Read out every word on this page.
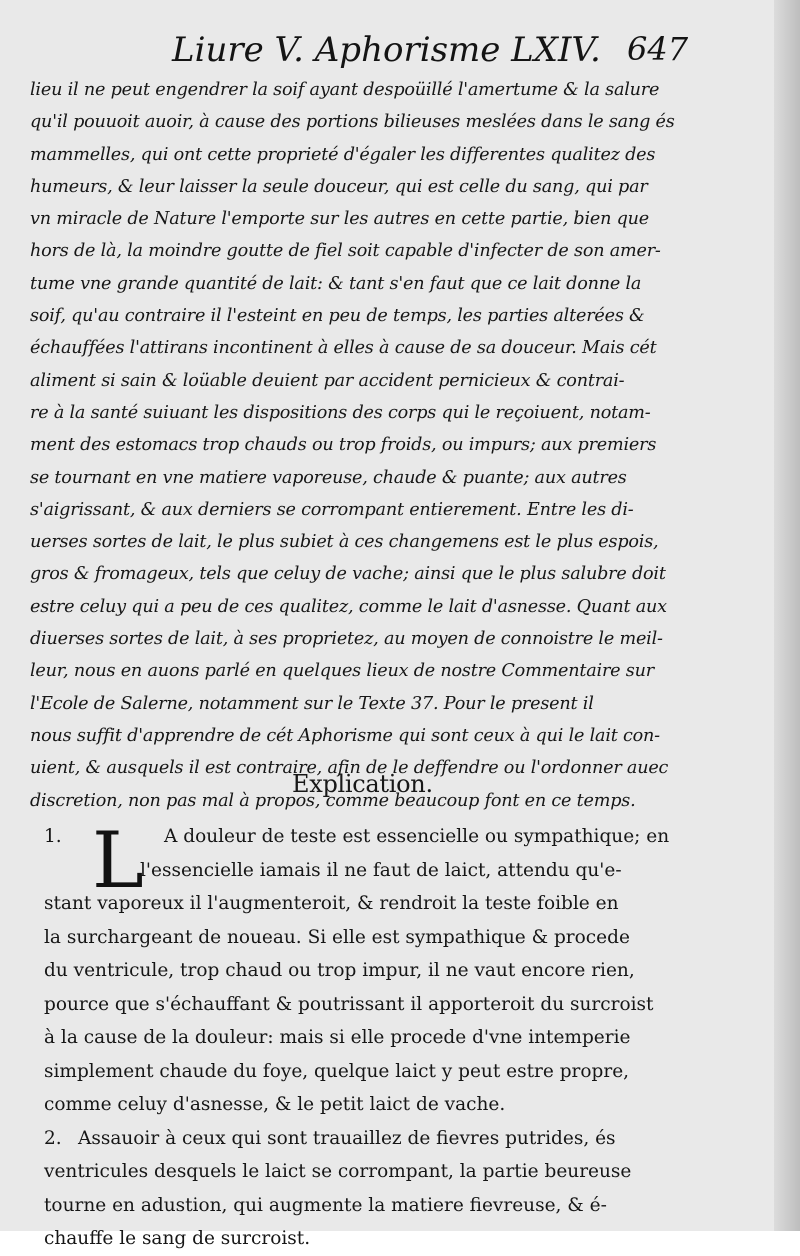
Liure V. Aphorisme LXIV. 647
lieu il ne peut engendrer la soif ayant despoüillé l'amertume & la salure
qu'il pouuoit auoir, à cause des portions bilieuses meslées dans le sang és
mammelles, qui ont cette proprieté d'égaler les differentes qualitez des
humeurs, & leur laisser la seule douceur, qui est celle du sang, qui par
vn miracle de Nature l'emporte sur les autres en cette partie, bien que
hors de là, la moindre goutte de fiel soit capable d'infecter de son amer-
tume vne grande quantité de lait: & tant s'en faut que ce lait donne la
soif, qu'au contraire il l'esteint en peu de temps, les parties alterées &
échauffées l'attirans incontinent à elles à cause de sa douceur. Mais cét
aliment si sain & loüable deuient par accident pernicieux & contrai-
re à la santé suiuant les dispositions des corps qui le reçoiuent, notam-
ment des estomacs trop chauds ou trop froids, ou impurs; aux premiers
se tournant en vne matiere vaporeuse, chaude & puante; aux autres
s'aigrissant, & aux derniers se corrompant entierement. Entre les di-
uerses sortes de lait, le plus subiet à ces changemens est le plus espois,
gros & fromageux, tels que celuy de vache; ainsi que le plus salubre doit
estre celuy qui a peu de ces qualitez, comme le lait d'asnesse. Quant aux
diuerses sortes de lait, à ses proprietez, au moyen de connoistre le meil-
leur, nous en auons parlé en quelques lieux de nostre Commentaire sur
l'Ecole de Salerne, notamment sur le Texte 37. Pour le present il
nous suffit d'apprendre de cét Aphorisme qui sont ceux à qui le lait con-
uient, & ausquels il est contraire, afin de le deffendre ou l'ordonner auec
discretion, non pas mal à propos, comme beaucoup font en ce temps.
Explication.
L
1.	A douleur de teste est essencielle ou sympathique; en
l'essencielle iamais il ne faut de laict, attendu qu'e-
stant vaporeux il l'augmenteroit, & rendroit la teste foible en
la surchargeant de noueau. Si elle est sympathique & procede
du ventricule, trop chaud ou trop impur, il ne vaut encore rien,
pource que s'échauffant & poutrissant il apporteroit du surcroist
à la cause de la douleur: mais si elle procede d'vne intemperie
simplement chaude du foye, quelque laict y peut estre propre,
comme celuy d'asnesse, & le petit laict de vache.
2. Assauoir à ceux qui sont trauaillez de fievres putrides, és
ventricules desquels le laict se corrompant, la partie beureuse
tourne en adustion, qui augmente la matiere fievreuse, & é-
chauffe le sang de surcroist.
